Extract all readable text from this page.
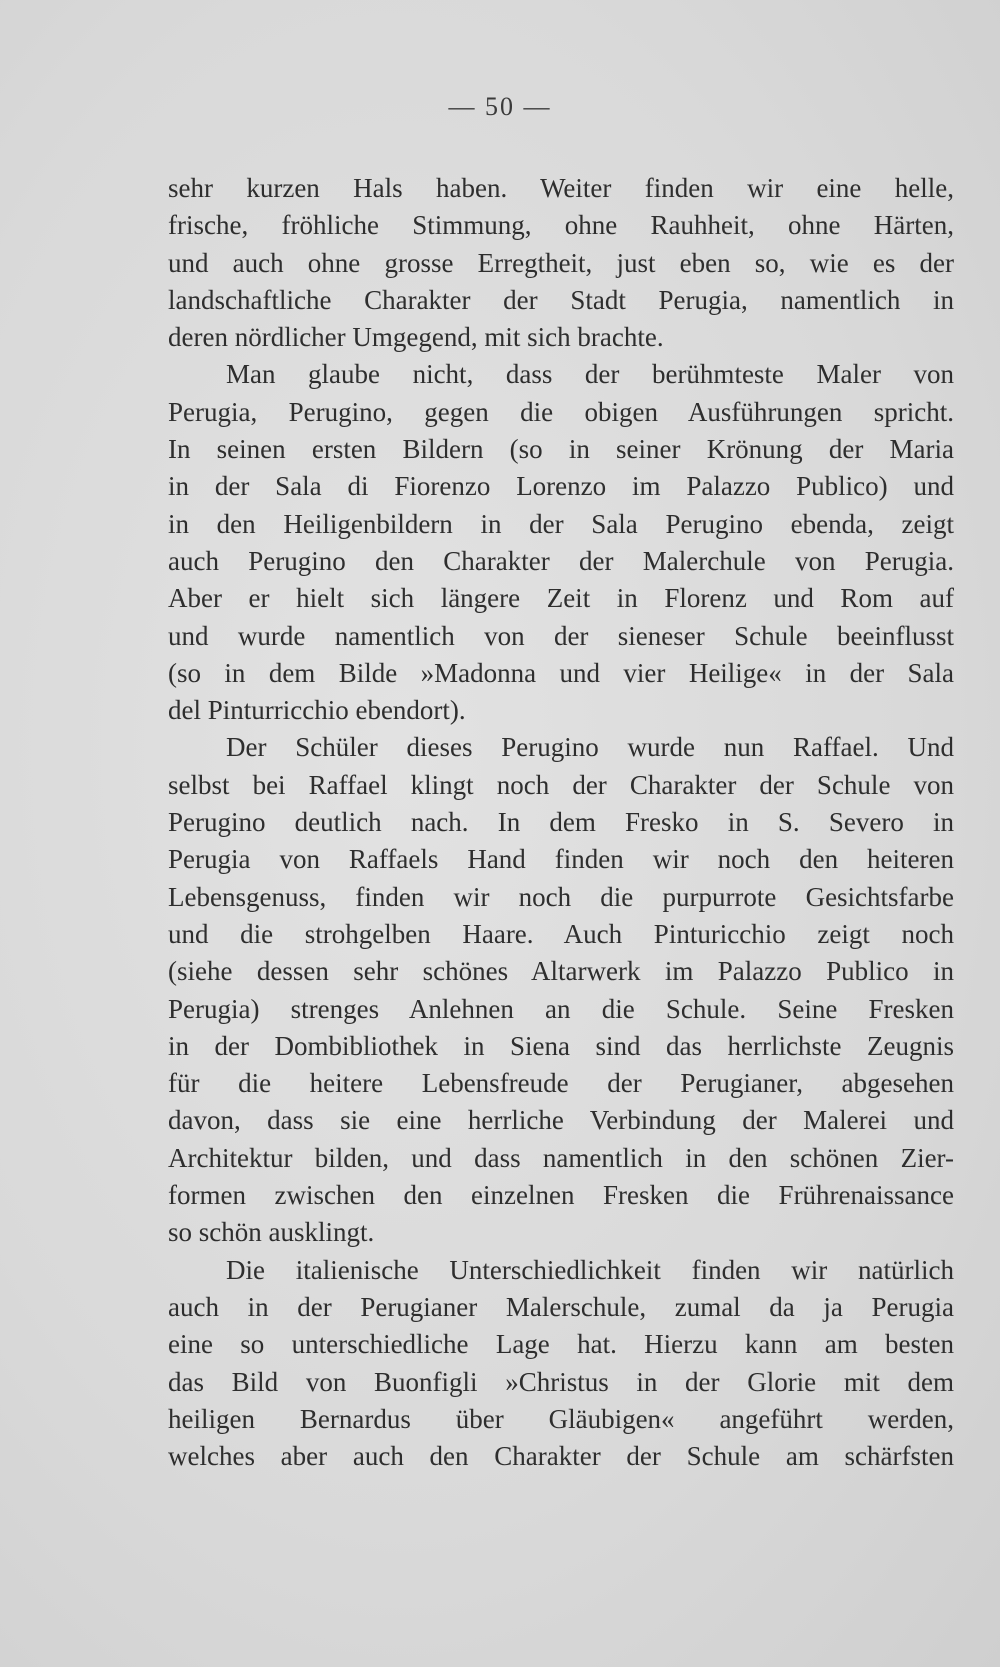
— 50 —
sehr kurzen Hals haben. Weiter finden wir eine helle,
frische, fröhliche Stimmung, ohne Rauhheit, ohne Härten,
und auch ohne grosse Erregtheit, just eben so, wie es der
landschaftliche Charakter der Stadt Perugia, namentlich in
deren nördlicher Umgegend, mit sich brachte.
Man glaube nicht, dass der berühmteste Maler von
Perugia, Perugino, gegen die obigen Ausführungen spricht.
In seinen ersten Bildern (so in seiner Krönung der Maria
in der Sala di Fiorenzo Lorenzo im Palazzo Publico) und
in den Heiligenbildern in der Sala Perugino ebenda, zeigt
auch Perugino den Charakter der Malerchule von Perugia.
Aber er hielt sich längere Zeit in Florenz und Rom auf
und wurde namentlich von der sieneser Schule beeinflusst
(so in dem Bilde »Madonna und vier Heilige« in der Sala
del Pinturricchio ebendort).
Der Schüler dieses Perugino wurde nun Raffael. Und
selbst bei Raffael klingt noch der Charakter der Schule von
Perugino deutlich nach. In dem Fresko in S. Severo in
Perugia von Raffaels Hand finden wir noch den heiteren
Lebensgenuss, finden wir noch die purpurrote Gesichtsfarbe
und die strohgelben Haare. Auch Pinturicchio zeigt noch
(siehe dessen sehr schönes Altarwerk im Palazzo Publico in
Perugia) strenges Anlehnen an die Schule. Seine Fresken
in der Dombibliothek in Siena sind das herrlichste Zeugnis
für die heitere Lebensfreude der Perugianer, abgesehen
davon, dass sie eine herrliche Verbindung der Malerei und
Architektur bilden, und dass namentlich in den schönen Zier-
formen zwischen den einzelnen Fresken die Frührenaissance
so schön ausklingt.
Die italienische Unterschiedlichkeit finden wir natürlich
auch in der Perugianer Malerschule, zumal da ja Perugia
eine so unterschiedliche Lage hat. Hierzu kann am besten
das Bild von Buonfigli »Christus in der Glorie mit dem
heiligen Bernardus über Gläubigen« angeführt werden,
welches aber auch den Charakter der Schule am schärfsten
